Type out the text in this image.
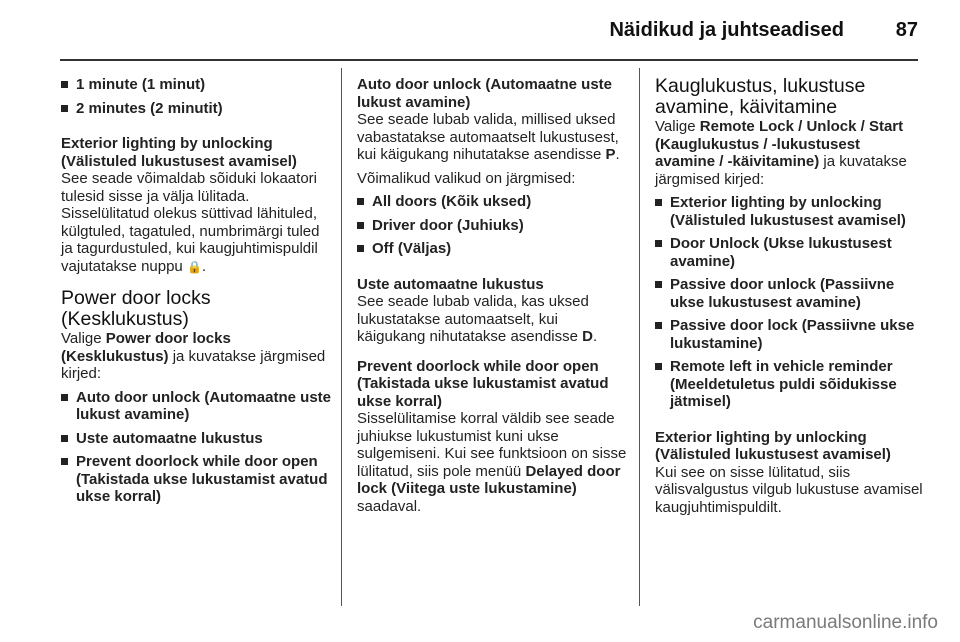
Näidikud ja juhtseadised	87
1 minute (1 minut)
2 minutes (2 minutit)
Exterior lighting by unlocking (Välistuled lukustusest avamisel)
See seade võimaldab sõiduki lokaatori tulesid sisse ja välja lülitada. Sisselülitatud olekus süttivad lähituled, külgtuled, tagatuled, numbrimärgi tuled ja tagurdustuled, kui kaugjuhtimispuldil vajutatakse nuppu 🔒.
Power door locks (Kesklukustus)
Valige Power door locks (Kesklukustus) ja kuvatakse järgmised kirjed:
Auto door unlock (Automaatne uste lukust avamine)
Uste automaatne lukustus
Prevent doorlock while door open (Takistada ukse lukustamist avatud ukse korral)
Auto door unlock (Automaatne uste lukust avamine)
See seade lubab valida, millised uksed vabastatakse automaatselt lukustusest, kui käigukang nihutatakse asendisse P.
Võimalikud valikud on järgmised:
All doors (Kõik uksed)
Driver door (Juhiuks)
Off (Väljas)
Uste automaatne lukustus
See seade lubab valida, kas uksed lukustatakse automaatselt, kui käigukang nihutatakse asendisse D.
Prevent doorlock while door open (Takistada ukse lukustamist avatud ukse korral)
Sisselülitamise korral väldib see seade juhiukse lukustumist kuni ukse sulgemiseni. Kui see funktsioon on sisse lülitatud, siis pole menüü Delayed door lock (Viitega uste lukustamine) saadaval.
Kauglukustus, lukustuse avamine, käivitamine
Valige Remote Lock / Unlock / Start (Kauglukustus / -lukustusest avamine / -käivitamine) ja kuvatakse järgmised kirjed:
Exterior lighting by unlocking (Välistuled lukustusest avamisel)
Door Unlock (Ukse lukustusest avamine)
Passive door unlock (Passiivne ukse lukustusest avamine)
Passive door lock (Passiivne ukse lukustamine)
Remote left in vehicle reminder (Meeldetuletus puldi sõidukisse jätmisel)
Exterior lighting by unlocking (Välistuled lukustusest avamisel)
Kui see on sisse lülitatud, siis välisvalgustus vilgub lukustuse avamisel kaugjuhtimispuldilt.
carmanualsonline.info
